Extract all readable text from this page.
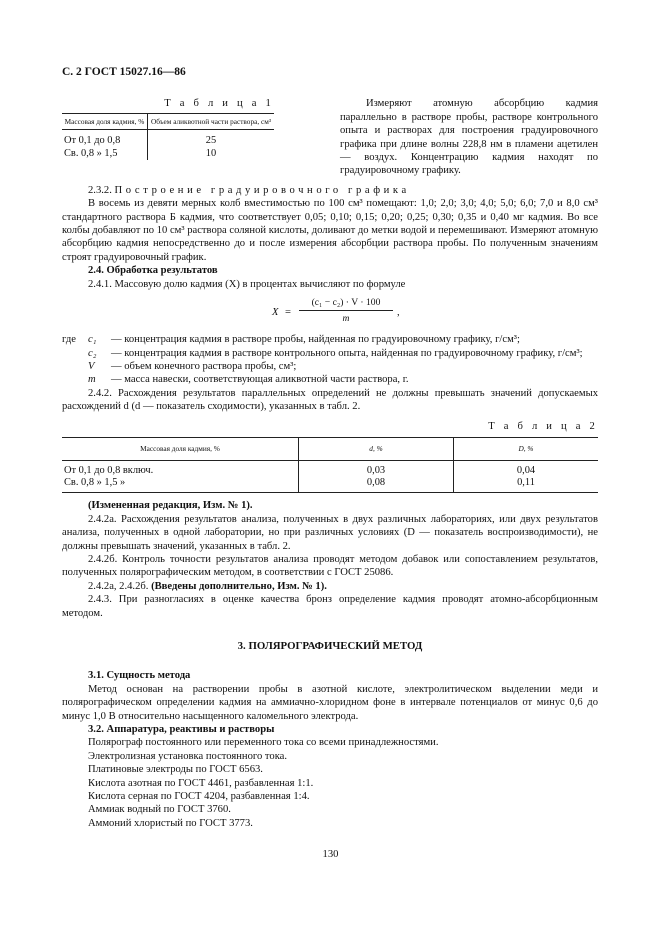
С. 2 ГОСТ 15027.16—86
Т а б л и ц а 1
Массовая доля кадмия, %	Объем аликвотной части раствора, см³
От 0,1 до 0,8	25
Св. 0,8 » 1,5	10
Измеряют атомную абсорбцию кадмия параллельно в растворе пробы, растворе контрольного опыта и растворах для построения градуировочного графика при длине волны 228,8 нм в пламени ацетилен — воздух. Концентрацию кадмия находят по градуировочному графику.

2.3.2. Построение градуировочного графика

В восемь из девяти мерных колб вместимостью по 100 см³ помещают: 1,0; 2,0; 3,0; 4,0; 5,0; 6,0; 7,0 и 8,0 см³ стандартного раствора Б кадмия, что соответствует 0,05; 0,10; 0,15; 0,20; 0,25; 0,30; 0,35 и 0,40 мг кадмия. Во все колбы добавляют по 10 см³ раствора соляной кислоты, доливают до метки водой и перемешивают. Измеряют атомную абсорбцию кадмия непосредственно до и после измерения абсорбции раствора пробы. По полученным значениям строят градуировочный график.

2.4. Обработка результатов

2.4.1. Массовую долю кадмия (X) в процентах вычисляют по формуле

X =
(c₁ − c₂) · V · 100
m
,
где	c₁	— концентрация кадмия в растворе пробы, найденная по градуировочному графику, г/см³;
c₂	— концентрация кадмия в растворе контрольного опыта, найденная по градуировочному графику, г/см³;
V	— объем конечного раствора пробы, см³;
m	— масса навески, соответствующая аликвотной части раствора, г.

2.4.2. Расхождения результатов параллельных определений не должны превышать значений допускаемых расхождений d (d — показатель сходимости), указанных в табл. 2.

Т а б л и ц а 2
Массовая доля кадмия, %	d, %	D, %
От 0,1 до 0,8 включ.	0,03	0,04
Св. 0,8 » 1,5 »	0,08	0,11

(Измененная редакция, Изм. № 1).

2.4.2а. Расхождения результатов анализа, полученных в двух различных лабораториях, или двух результатов анализа, полученных в одной лаборатории, но при различных условиях (D — показатель воспроизводимости), не должны превышать значений, указанных в табл. 2.

2.4.2б. Контроль точности результатов анализа проводят методом добавок или сопоставлением результатов, полученных полярографическим методом, в соответствии с ГОСТ 25086.

2.4.2а, 2.4.2б. (Введены дополнительно, Изм. № 1).

2.4.3. При разногласиях в оценке качества бронз определение кадмия проводят атомно-абсорбционным методом.

3. ПОЛЯРОГРАФИЧЕСКИЙ МЕТОД

3.1. Сущность метода

Метод основан на растворении пробы в азотной кислоте, электролитическом выделении меди и полярографическом определении кадмия на аммиачно-хлоридном фоне в интервале потенциалов от минус 0,6 до минус 1,0 В относительно насыщенного каломельного электрода.

3.2. Аппаратура, реактивы и растворы

Полярограф постоянного или переменного тока со всеми принадлежностями.

Электролизная установка постоянного тока.

Платиновые электроды по ГОСТ 6563.

Кислота азотная по ГОСТ 4461, разбавленная 1:1.

Кислота серная по ГОСТ 4204, разбавленная 1:4.

Аммиак водный по ГОСТ 3760.

Аммоний хлористый по ГОСТ 3773.

130
